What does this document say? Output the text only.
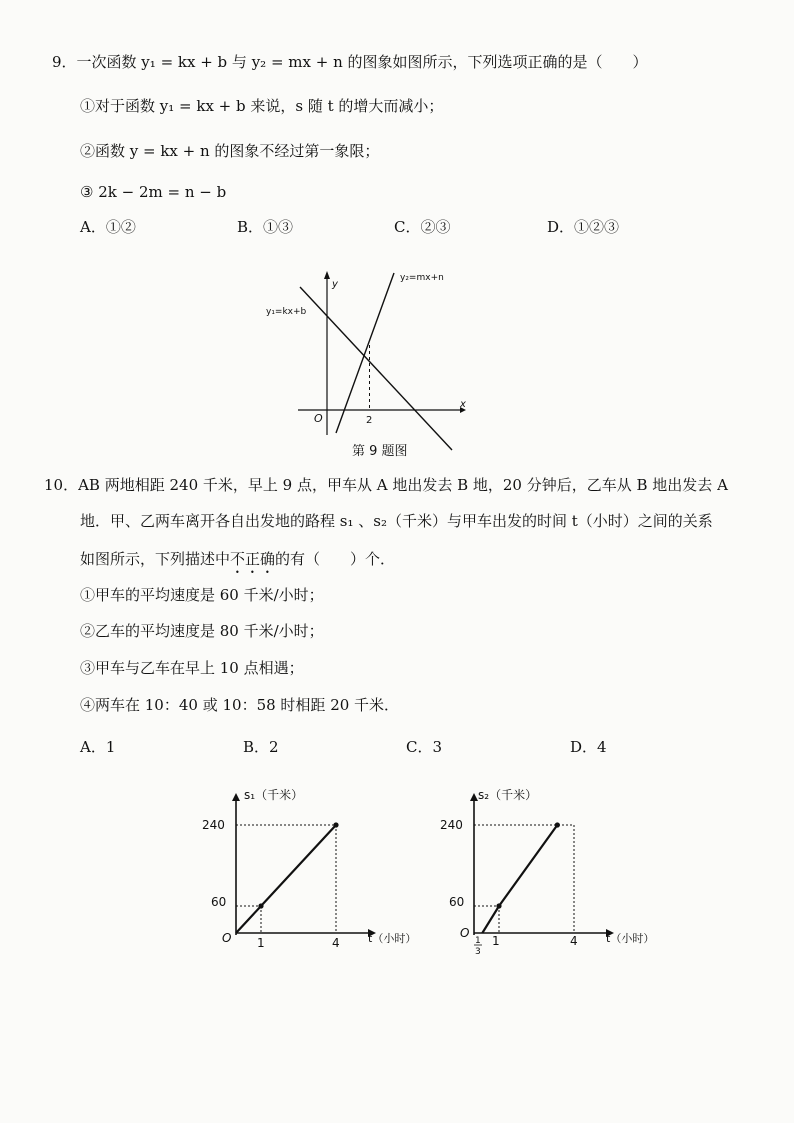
9．一次函数 y₁ = kx + b 与 y₂ = mx + n 的图象如图所示，下列选项正确的是（　　）
①对于函数 y₁ = kx + b 来说，s 随 t 的增大而减小；
②函数 y = kx + n 的图象不经过第一象限；
③ 2k − 2m = n − b
A．①②	B．①③	C．②③	D．①②③
y₁=kx+b
y₂=mx+n
x
y
O	2
第 9 题图
10．AB 两地相距 240 千米，早上 9 点，甲车从 A 地出发去 B 地，20 分钟后，乙车从 B 地出发去 A
地．甲、乙两车离开各自出发地的路程 s₁ 、s₂（千米）与甲车出发的时间 t（小时）之间的关系
如图所示，下列描述中不正确的有（　　）个．
①甲车的平均速度是 60 千米/小时；
②乙车的平均速度是 80 千米/小时；
③甲车与乙车在早上 10 点相遇；
④两车在 10：40 或 10：58 时相距 20 千米．
A．1	B．2	C．3	D．4
s₁（千米）
t（小时）
O
240
60
1	4
s₂（千米）
t（小时）
O
240
60
1
3
1	4
